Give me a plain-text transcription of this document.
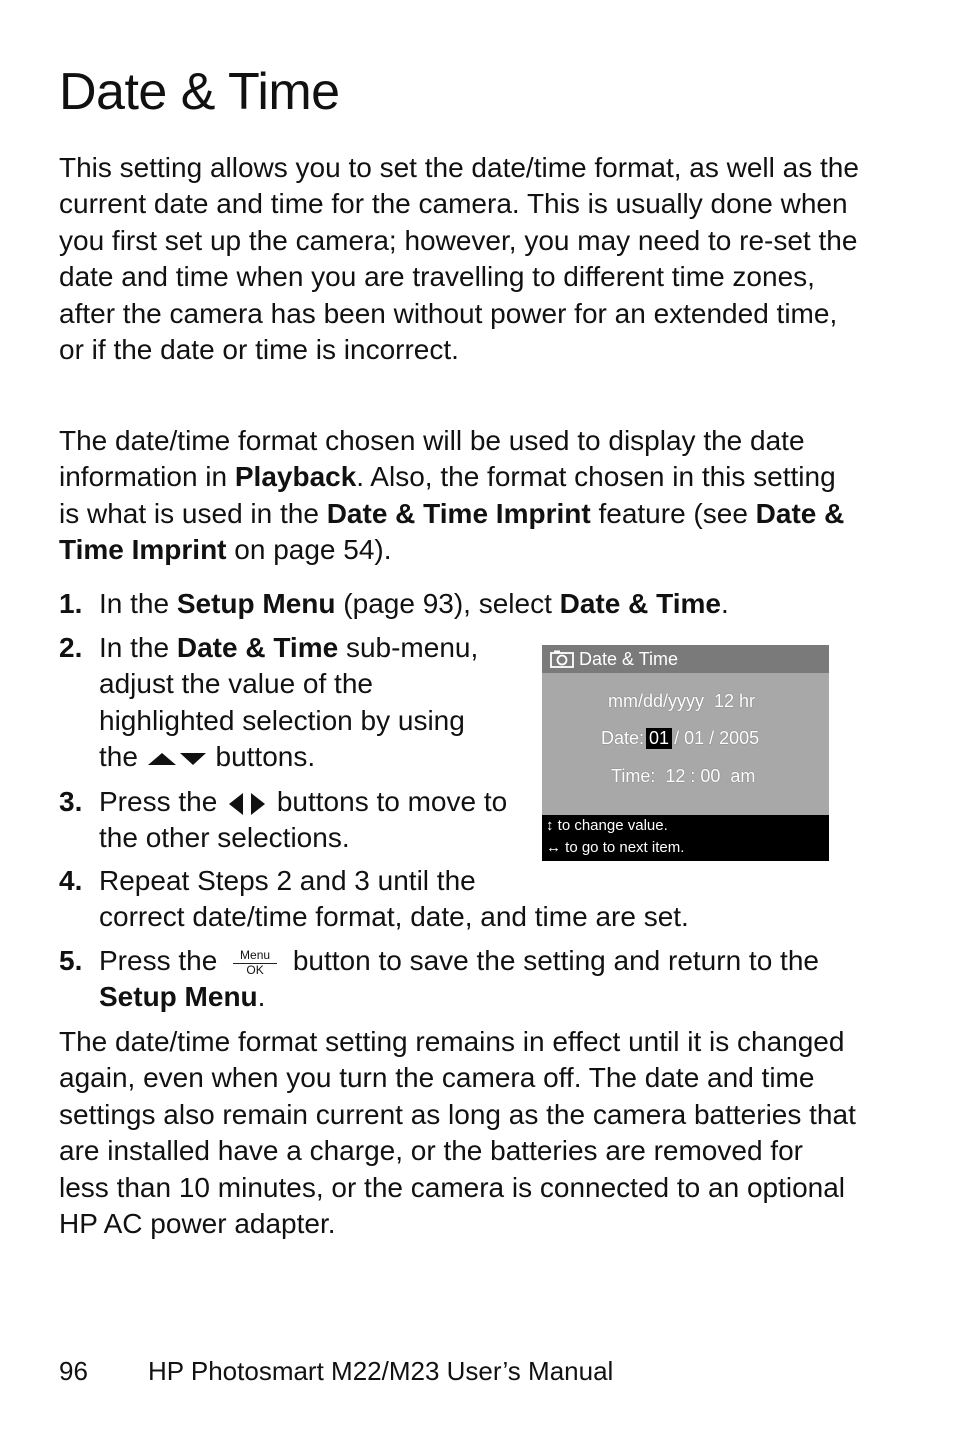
Date & Time

This setting allows you to set the date/time format, as well as the current date and time for the camera. This is usually done when you first set up the camera; however, you may need to re-set the date and time when you are travelling to different time zones, after the camera has been without power for an extended time, or if the date or time is incorrect.

The date/time format chosen will be used to display the date information in Playback. Also, the format chosen in this setting is what is used in the Date & Time Imprint feature (see Date & Time Imprint on page 54).

1. In the Setup Menu (page 93), select Date & Time.
2. In the Date & Time sub-menu,
adjust the value of the
highlighted selection by using
the	buttons.
3. Press the buttons to move to
the other selections.
4. Repeat Steps 2 and 3 until the
correct date/time format, date, and time are set.
5. Press the	Menu
OK	button to save the setting and return to the
Setup Menu.
Date & Time
mm/dd/yyyy  12 hr
Date: 01 / 01 / 2005
Time:  12 : 00  am
↕ to change value.
↔ to go to next item.

The date/time format setting remains in effect until it is changed again, even when you turn the camera off. The date and time settings also remain current as long as the camera batteries that are installed have a charge, or the batteries are removed for less than 10 minutes, or the camera is connected to an optional HP AC power adapter.

96 HP Photosmart M22/M23 User’s Manual
